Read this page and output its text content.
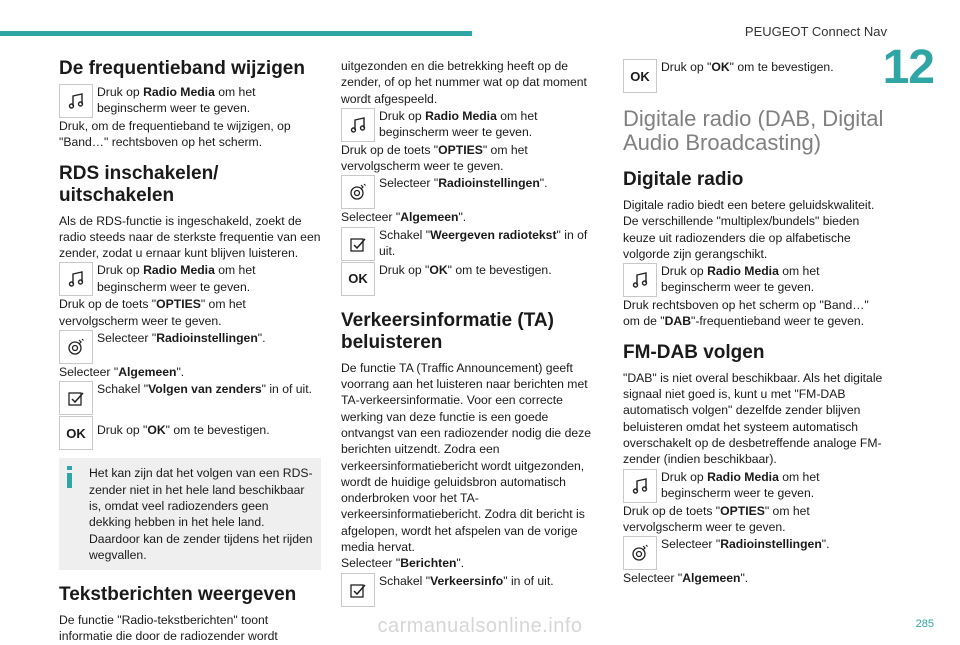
PEUGEOT Connect Nav
12
De frequentieband wijzigen
Druk op Radio Media om het beginscherm weer te geven.

Druk, om de frequentieband te wijzigen, op "Band…" rechtsboven op het scherm.

RDS inschakelen/ uitschakelen

Als de RDS-functie is ingeschakeld, zoekt de radio steeds naar de sterkste frequentie van een zender, zodat u ernaar kunt blijven luisteren.

Druk op Radio Media om het beginscherm weer te geven.

Druk op de toets "OPTIES" om het vervolgscherm weer te geven.

Selecteer "Radioinstellingen".

Selecteer "Algemeen".

Schakel "Volgen van zenders" in of uit.
OK Druk op "OK" om te bevestigen.

Het kan zijn dat het volgen van een RDS-zender niet in het hele land beschikbaar is, omdat veel radiozenders geen dekking hebben in het hele land. Daardoor kan de zender tijdens het rijden wegvallen.

Tekstberichten weergeven

De functie "Radio-tekstberichten" toont informatie die door de radiozender wordt

uitgezonden en die betrekking heeft op de zender, of op het nummer wat op dat moment wordt afgespeeld.

Druk op Radio Media om het beginscherm weer te geven.

Druk op de toets "OPTIES" om het vervolgscherm weer te geven.

Selecteer "Radioinstellingen".

Selecteer "Algemeen".

Schakel "Weergeven radiotekst" in of uit.
OK
Druk op "OK" om te bevestigen.
Verkeersinformatie (TA) beluisteren

De functie TA (Traffic Announcement) geeft voorrang aan het luisteren naar berichten met TA-verkeersinformatie. Voor een correcte werking van deze functie is een goede ontvangst van een radiozender nodig die deze berichten uitzendt. Zodra een verkeersinformatiebericht wordt uitgezonden, wordt de huidige geluidsbron automatisch onderbroken voor het TA-verkeersinformatiebericht. Zodra dit bericht is afgelopen, wordt het afspelen van de vorige media hervat.

Selecteer "Berichten".

Schakel "Verkeersinfo" in of uit.
OK
Druk op "OK" om te bevestigen.
Digitale radio (DAB, Digital Audio Broadcasting)
Digitale radio

Digitale radio biedt een betere geluidskwaliteit. De verschillende "multiplex/bundels" bieden keuze uit radiozenders die op alfabetische volgorde zijn gerangschikt.

Druk op Radio Media om het beginscherm weer te geven.

Druk rechtsboven op het scherm op "Band…" om de "DAB"-frequentieband weer te geven.

FM-DAB volgen

"DAB" is niet overal beschikbaar. Als het digitale signaal niet goed is, kunt u met "FM-DAB automatisch volgen" dezelfde zender blijven beluisteren omdat het systeem automatisch overschakelt op de desbetreffende analoge FM-zender (indien beschikbaar).

Druk op Radio Media om het beginscherm weer te geven.

Druk op de toets "OPTIES" om het vervolgscherm weer te geven.

Selecteer "Radioinstellingen".

Selecteer "Algemeen".

285
carmanualsonline.info
